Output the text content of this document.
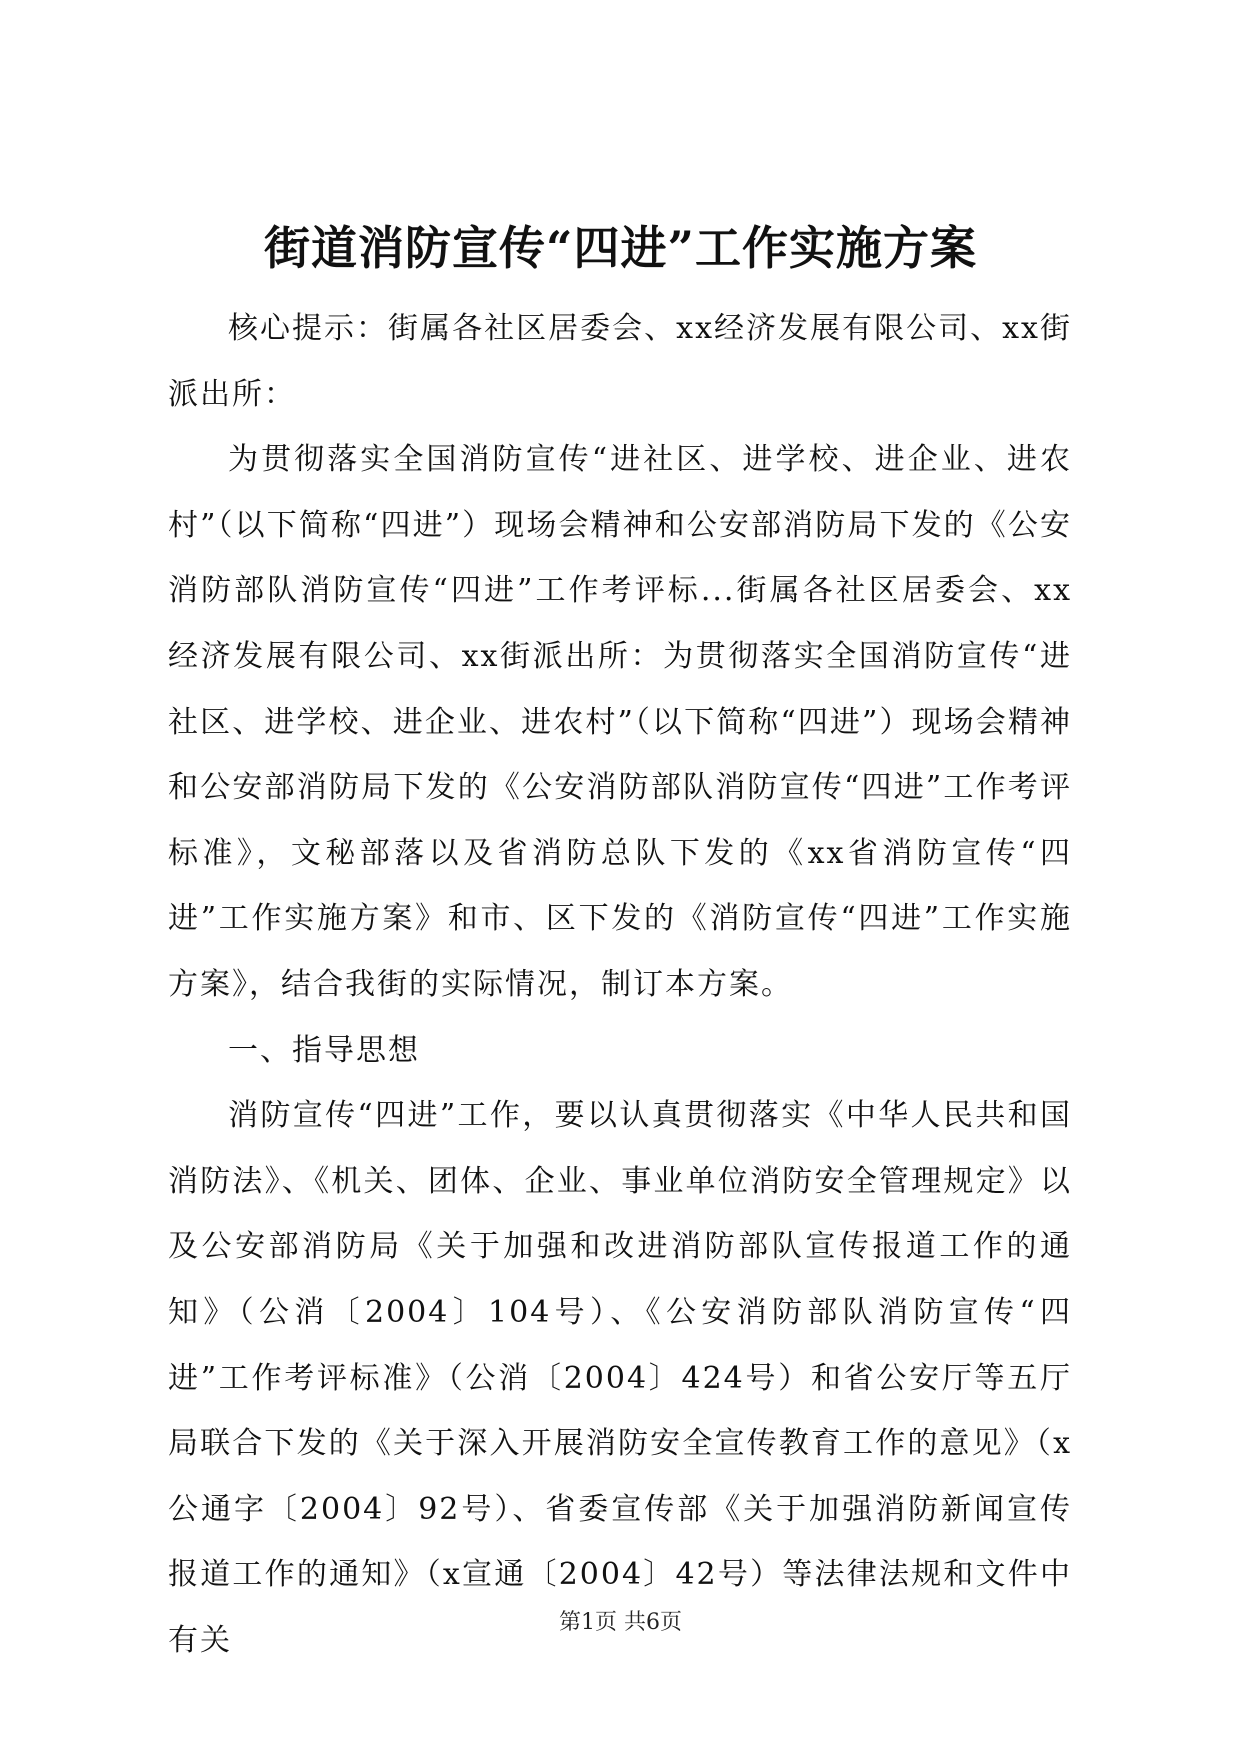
街道消防宣传“四进”工作实施方案

核心提示：街属各社区居委会、xx经济发展有限公司、xx街派出所：

为贯彻落实全国消防宣传“进社区、进学校、进企业、进农村”（以下简称“四进”）现场会精神和公安部消防局下发的《公安消防部队消防宣传“四进”工作考评标...街属各社区居委会、xx经济发展有限公司、xx街派出所：为贯彻落实全国消防宣传“进社区、进学校、进企业、进农村”（以下简称“四进”）现场会精神和公安部消防局下发的《公安消防部队消防宣传“四进”工作考评标准》，文秘部落以及省消防总队下发的《xx省消防宣传“四进”工作实施方案》和市、区下发的《消防宣传“四进”工作实施方案》，结合我街的实际情况，制订本方案。

一、指导思想

消防宣传“四进”工作，要以认真贯彻落实《中华人民共和国消防法》、《机关、团体、企业、事业单位消防安全管理规定》以及公安部消防局《关于加强和改进消防部队宣传报道工作的通知》（公消〔2004〕104号）、《公安消防部队消防宣传“四进”工作考评标准》（公消〔2004〕424号）和省公安厅等五厅局联合下发的《关于深入开展消防安全宣传教育工作的意见》（x公通字〔2004〕92号）、省委宣传部《关于加强消防新闻宣传报道工作的通知》（x宣通〔2004〕42号）等法律法规和文件中有关

第1页 共6页
